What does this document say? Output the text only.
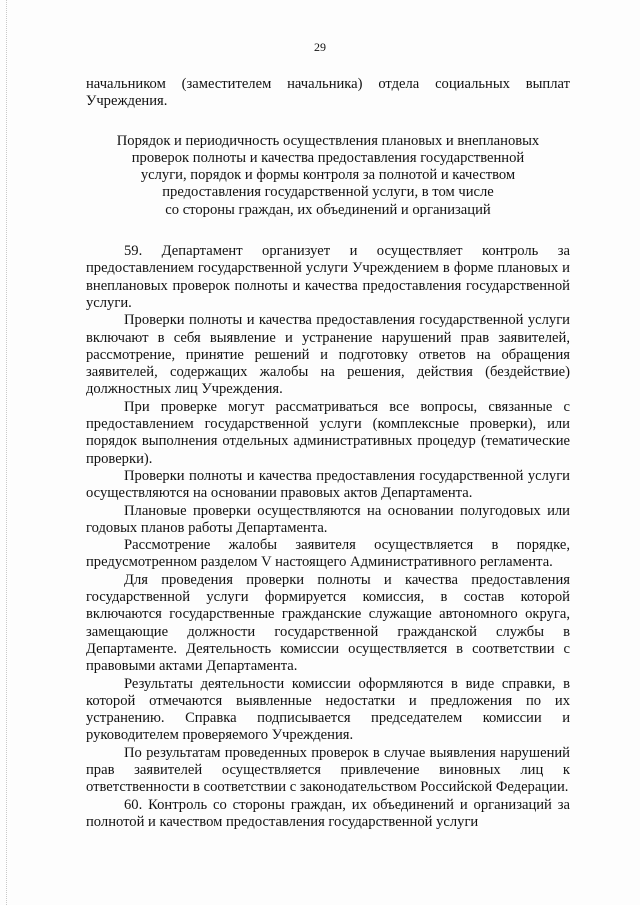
29

начальником (заместителем начальника) отдела социальных выплат Учреждения.

Порядок и периодичность осуществления плановых и внеплановых
проверок полноты и качества предоставления государственной
услуги, порядок и формы контроля за полнотой и качеством
предоставления государственной услуги, в том числе
со стороны граждан, их объединений и организаций

59. Департамент организует и осуществляет контроль за предоставлением государственной услуги Учреждением в форме плановых и внеплановых проверок полноты и качества предоставления государственной услуги.

Проверки полноты и качества предоставления государственной услуги включают в себя выявление и устранение нарушений прав заявителей, рассмотрение, принятие решений и подготовку ответов на обращения заявителей, содержащих жалобы на решения, действия (бездействие) должностных лиц Учреждения.

При проверке могут рассматриваться все вопросы, связанные с предоставлением государственной услуги (комплексные проверки), или порядок выполнения отдельных административных процедур (тематические проверки).

Проверки полноты и качества предоставления государственной услуги осуществляются на основании правовых актов Департамента.

Плановые проверки осуществляются на основании полугодовых или годовых планов работы Департамента.

Рассмотрение жалобы заявителя осуществляется в порядке, предусмотренном разделом V настоящего Административного регламента.

Для проведения проверки полноты и качества предоставления государственной услуги формируется комиссия, в состав которой включаются государственные гражданские служащие автономного округа, замещающие должности государственной гражданской службы в Департаменте. Деятельность комиссии осуществляется в соответствии с правовыми актами Департамента.

Результаты деятельности комиссии оформляются в виде справки, в которой отмечаются выявленные недостатки и предложения по их устранению. Справка подписывается председателем комиссии и руководителем проверяемого Учреждения.

По результатам проведенных проверок в случае выявления нарушений прав заявителей осуществляется привлечение виновных лиц к ответственности в соответствии с законодательством Российской Федерации.

60. Контроль со стороны граждан, их объединений и организаций за полнотой и качеством предоставления государственной услуги
